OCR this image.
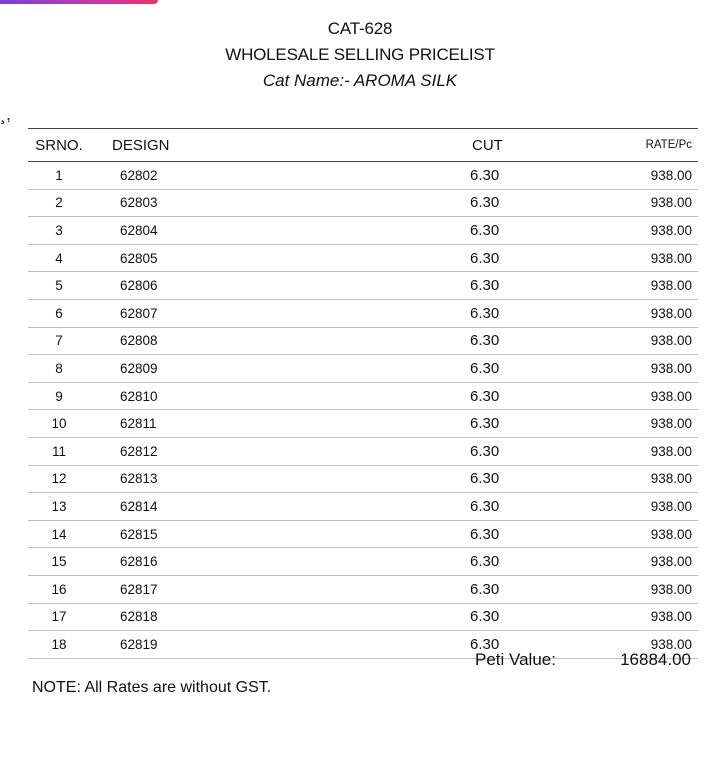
¸,
CAT-628
WHOLESALE SELLING PRICELIST
Cat Name:- AROMA SILK
SRNO.	DESIGN	CUT	RATE/Pc
1	62802	6.30	938.00
2	62803	6.30	938.00
3	62804	6.30	938.00
4	62805	6.30	938.00
5	62806	6.30	938.00
6	62807	6.30	938.00
7	62808	6.30	938.00
8	62809	6.30	938.00
9	62810	6.30	938.00
10	62811	6.30	938.00
11	62812	6.30	938.00
12	62813	6.30	938.00
13	62814	6.30	938.00
14	62815	6.30	938.00
15	62816	6.30	938.00
16	62817	6.30	938.00
17	62818	6.30	938.00
18	62819	6.30	938.00
Peti Value:	16884.00
NOTE: All Rates are without GST.
